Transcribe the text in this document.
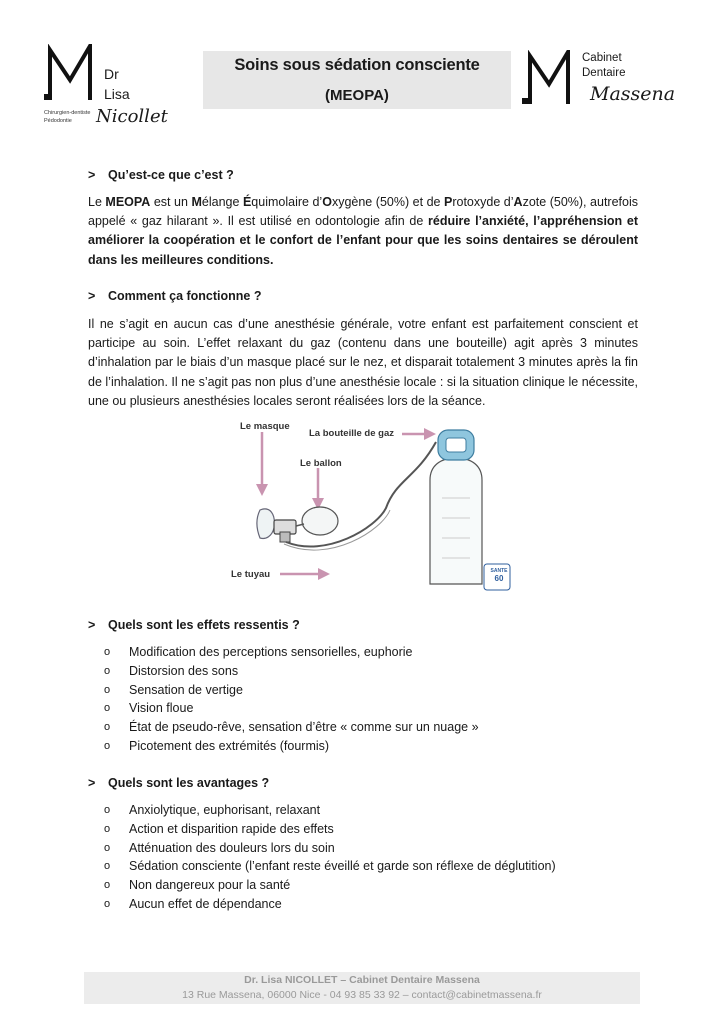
Dr
Lisa
Chirurgien-dentiste
Pédodontie Nicollet
Soins sous sédation consciente
(MEOPA)
Cabinet
Dentaire
Massena
> Qu’est-ce que c’est ?
Le MEOPA est un Mélange Équimolaire d’Oxygène (50%) et de Protoxyde d’Azote (50%), autrefois appelé « gaz hilarant ». Il est utilisé en odontologie afin de réduire l’anxiété, l’appréhension et améliorer la coopération et le confort de l’enfant pour que les soins dentaires se déroulent dans les meilleures conditions.
> Comment ça fonctionne ?
Il ne s’agit en aucun cas d’une anesthésie générale, votre enfant est parfaitement conscient et participe au soin. L’effet relaxant du gaz (contenu dans une bouteille) agit après 3 minutes d’inhalation par le biais d’un masque placé sur le nez, et disparait totalement 3 minutes après la fin de l’inhalation. Il ne s’agit pas non plus d’une anesthésie locale : si la situation clinique le nécessite, une ou plusieurs anesthésies locales seront réalisées lors de la séance.
Le masque
La bouteille de gaz
Le ballon
Le tuyau	SANTE
60
> Quels sont les effets ressentis ?
o Modification des perceptions sensorielles, euphorie
o Distorsion des sons
o Sensation de vertige
o Vision floue
o État de pseudo-rêve, sensation d’être « comme sur un nuage »
o Picotement des extrémités (fourmis)
> Quels sont les avantages ?
o Anxiolytique, euphorisant, relaxant
o Action et disparition rapide des effets
o Atténuation des douleurs lors du soin
o Sédation consciente (l’enfant reste éveillé et garde son réflexe de déglutition)
o Non dangereux pour la santé
o Aucun effet de dépendance
Dr. Lisa NICOLLET – Cabinet Dentaire Massena
13 Rue Massena, 06000 Nice - 04 93 85 33 92 – contact@cabinetmassena.fr
